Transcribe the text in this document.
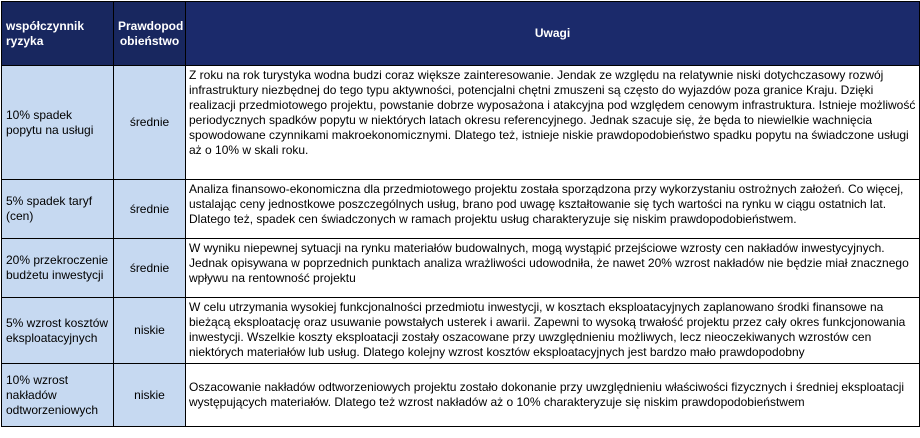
współczynnik ryzyka	Prawdopod obieństwo	Uwagi
10% spadek popytu na usługi	średnie	Z roku na rok turystyka wodna budzi coraz większe zainteresowanie. Jendak ze względu na relatywnie niski dotychczasowy rozwój infrastruktury niezbędnej do tego typu aktywności, potencjalni chętni zmuszeni są często do wyjazdów poza granice Kraju. Dzięki realizacji przedmiotowego projektu, powstanie dobrze wyposażona i atakcyjna pod względem cenowym infrastruktura. Istnieje możliwość periodycznych spadków popytu w niektórych latach okresu referencyjnego. Jednak szacuje się, że będa to niewielkie wachnięcia spowodowane czynnikami makroekonomicznymi. Dlatego też, istnieje niskie prawdopodobieństwo spadku popytu na świadczone usługi aż o 10% w skali roku.
5% spadek taryf (cen)	średnie	Analiza finansowo-ekonomiczna dla przedmiotowego projektu została sporządzona przy wykorzystaniu ostrożnych założeń. Co więcej, ustalając ceny jednostkowe poszczególnych usług, brano pod uwagę kształtowanie się tych wartości na rynku w ciągu ostatnich lat. Dlatego też, spadek cen świadczonych w ramach projektu usług charakteryzuje się niskim prawdopodobieństwem.
20% przekroczenie budżetu inwestycji	średnie	W wyniku niepewnej sytuacji na rynku materiałów budowalnych, mogą wystąpić przejściowe wzrosty cen nakładów inwestycyjnych. Jednak opisywana w poprzednich punktach analiza wrażliwości udowodniła, że nawet 20% wzrost nakładów nie będzie miał znacznego wpływu na rentowność projektu
5% wzrost kosztów eksploatacyjnych	niskie	W celu utrzymania wysokiej funkcjonalności przedmiotu inwestycji, w kosztach eksploatacyjnych zaplanowano środki finansowe na bieżącą eksploatację oraz usuwanie powstałych usterek i awarii. Zapewni to wysoką trwałość projektu przez cały okres funkcjonowania inwestycji. Wszelkie koszty eksploatacji zostały oszacowane przy uwzględnieniu możliwych, lecz nieoczekiwanych wzrostów cen niektórych materiałów lub usług. Dlatego kolejny wzrost kosztów eksploatacyjnych jest bardzo mało prawdopodobny
10% wzrost nakładów odtworzeniowych	niskie	Oszacowanie nakładów odtworzeniowych projektu zostało dokonanie przy uwzględnieniu właściwości fizycznych i średniej eksploatacji występujących materiałów. Dlatego też wzrost nakładów aż o 10% charakteryzuje się niskim prawdopodobieństwem
